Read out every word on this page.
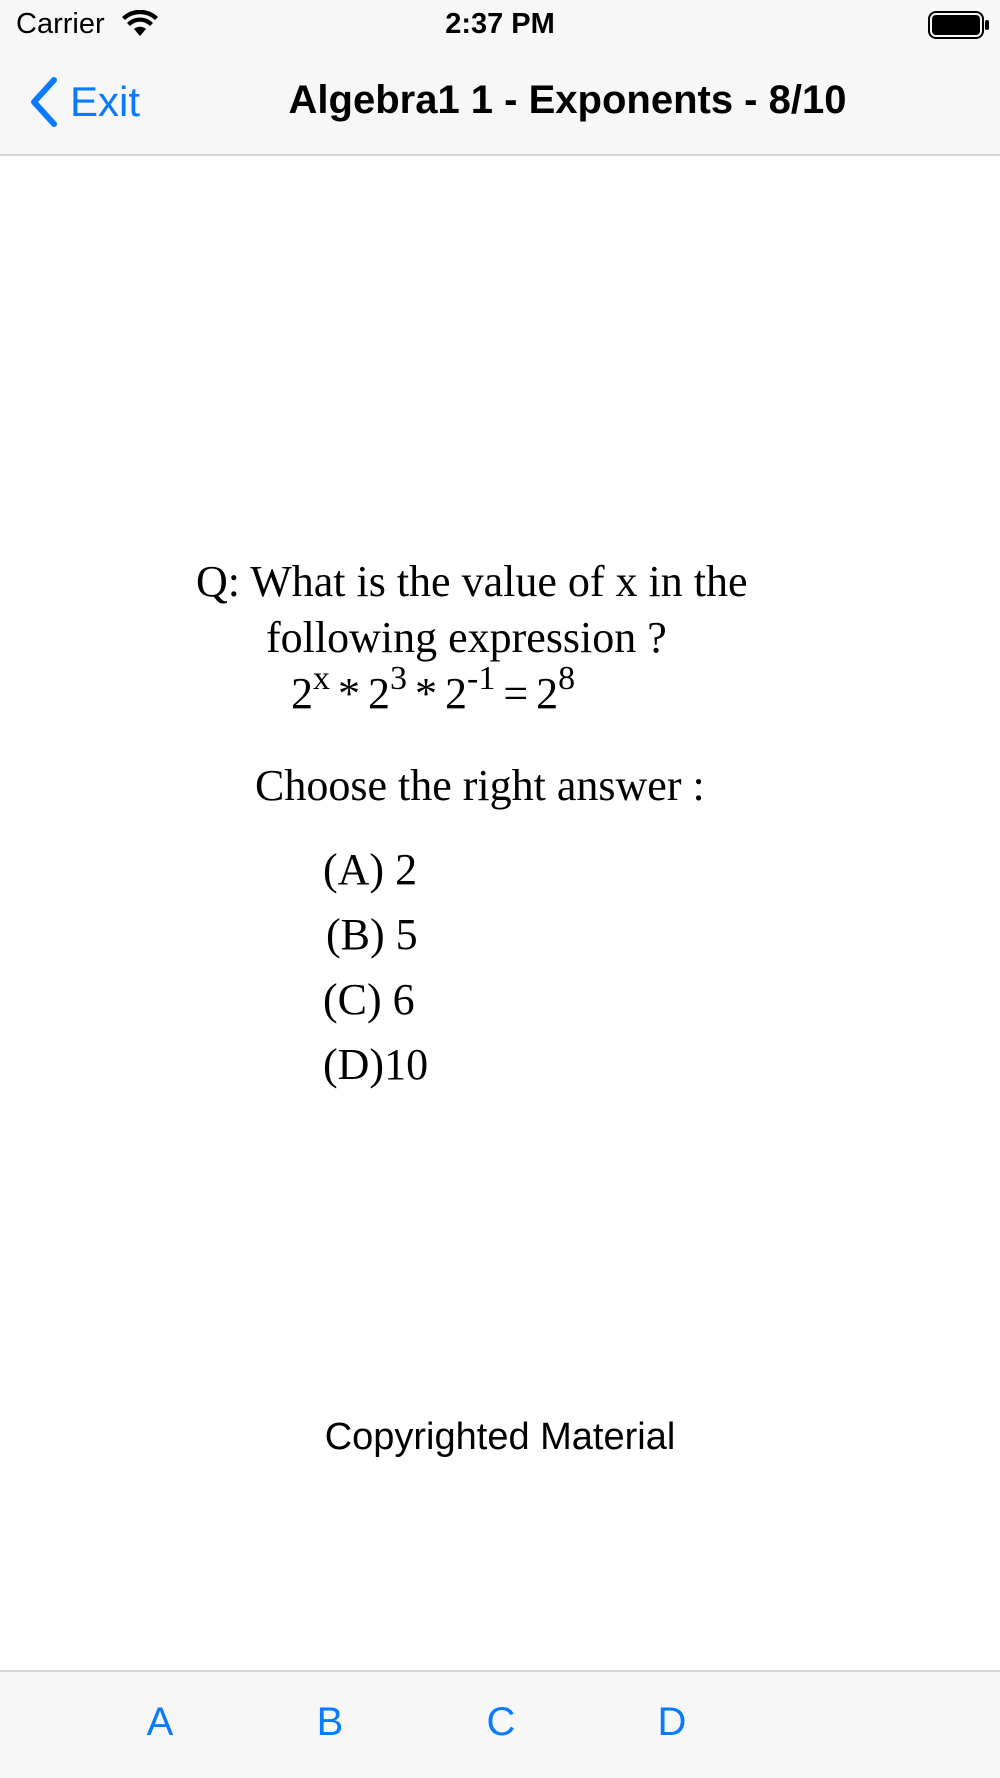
Carrier	2:37 PM
Exit	Algebra1 1 - Exponents - 8/10
Q: What is the value of x in the
following expression ?
$2^x * 2^3 * 2^{-1} = 2^8$
Choose the right answer :
(A) 2
(B) 5
(C) 6
(D)10
Copyrighted Material
A	B	C	D
